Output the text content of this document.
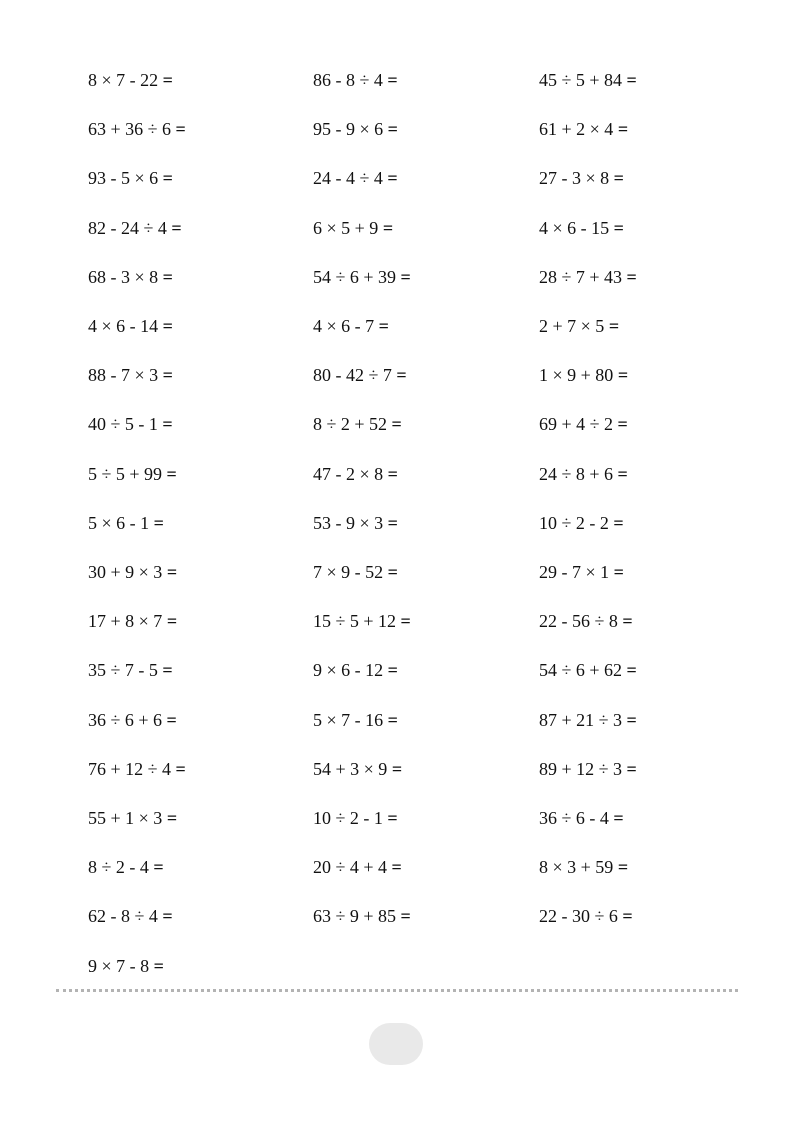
8 × 7 - 22 =	86 - 8 ÷ 4 =	45 ÷ 5 + 84 =
63 + 36 ÷ 6 =	95 - 9 × 6 =	61 + 2 × 4 =
93 - 5 × 6 =	24 - 4 ÷ 4 =	27 - 3 × 8 =
82 - 24 ÷ 4 =	6 × 5 + 9 =	4 × 6 - 15 =
68 - 3 × 8 =	54 ÷ 6 + 39 =	28 ÷ 7 + 43 =
4 × 6 - 14 =	4 × 6 - 7 =	2 + 7 × 5 =
88 - 7 × 3 =	80 - 42 ÷ 7 =	1 × 9 + 80 =
40 ÷ 5 - 1 =	8 ÷ 2 + 52 =	69 + 4 ÷ 2 =
5 ÷ 5 + 99 =	47 - 2 × 8 =	24 ÷ 8 + 6 =
5 × 6 - 1 =	53 - 9 × 3 =	10 ÷ 2 - 2 =
30 + 9 × 3 =	7 × 9 - 52 =	29 - 7 × 1 =
17 + 8 × 7 =	15 ÷ 5 + 12 =	22 - 56 ÷ 8 =
35 ÷ 7 - 5 =	9 × 6 - 12 =	54 ÷ 6 + 62 =
36 ÷ 6 + 6 =	5 × 7 - 16 =	87 + 21 ÷ 3 =
76 + 12 ÷ 4 =	54 + 3 × 9 =	89 + 12 ÷ 3 =
55 + 1 × 3 =	10 ÷ 2 - 1 =	36 ÷ 6 - 4 =
8 ÷ 2 - 4 =	20 ÷ 4 + 4 =	8 × 3 + 59 =
62 - 8 ÷ 4 =	63 ÷ 9 + 85 =	22 - 30 ÷ 6 =
9 × 7 - 8 =
